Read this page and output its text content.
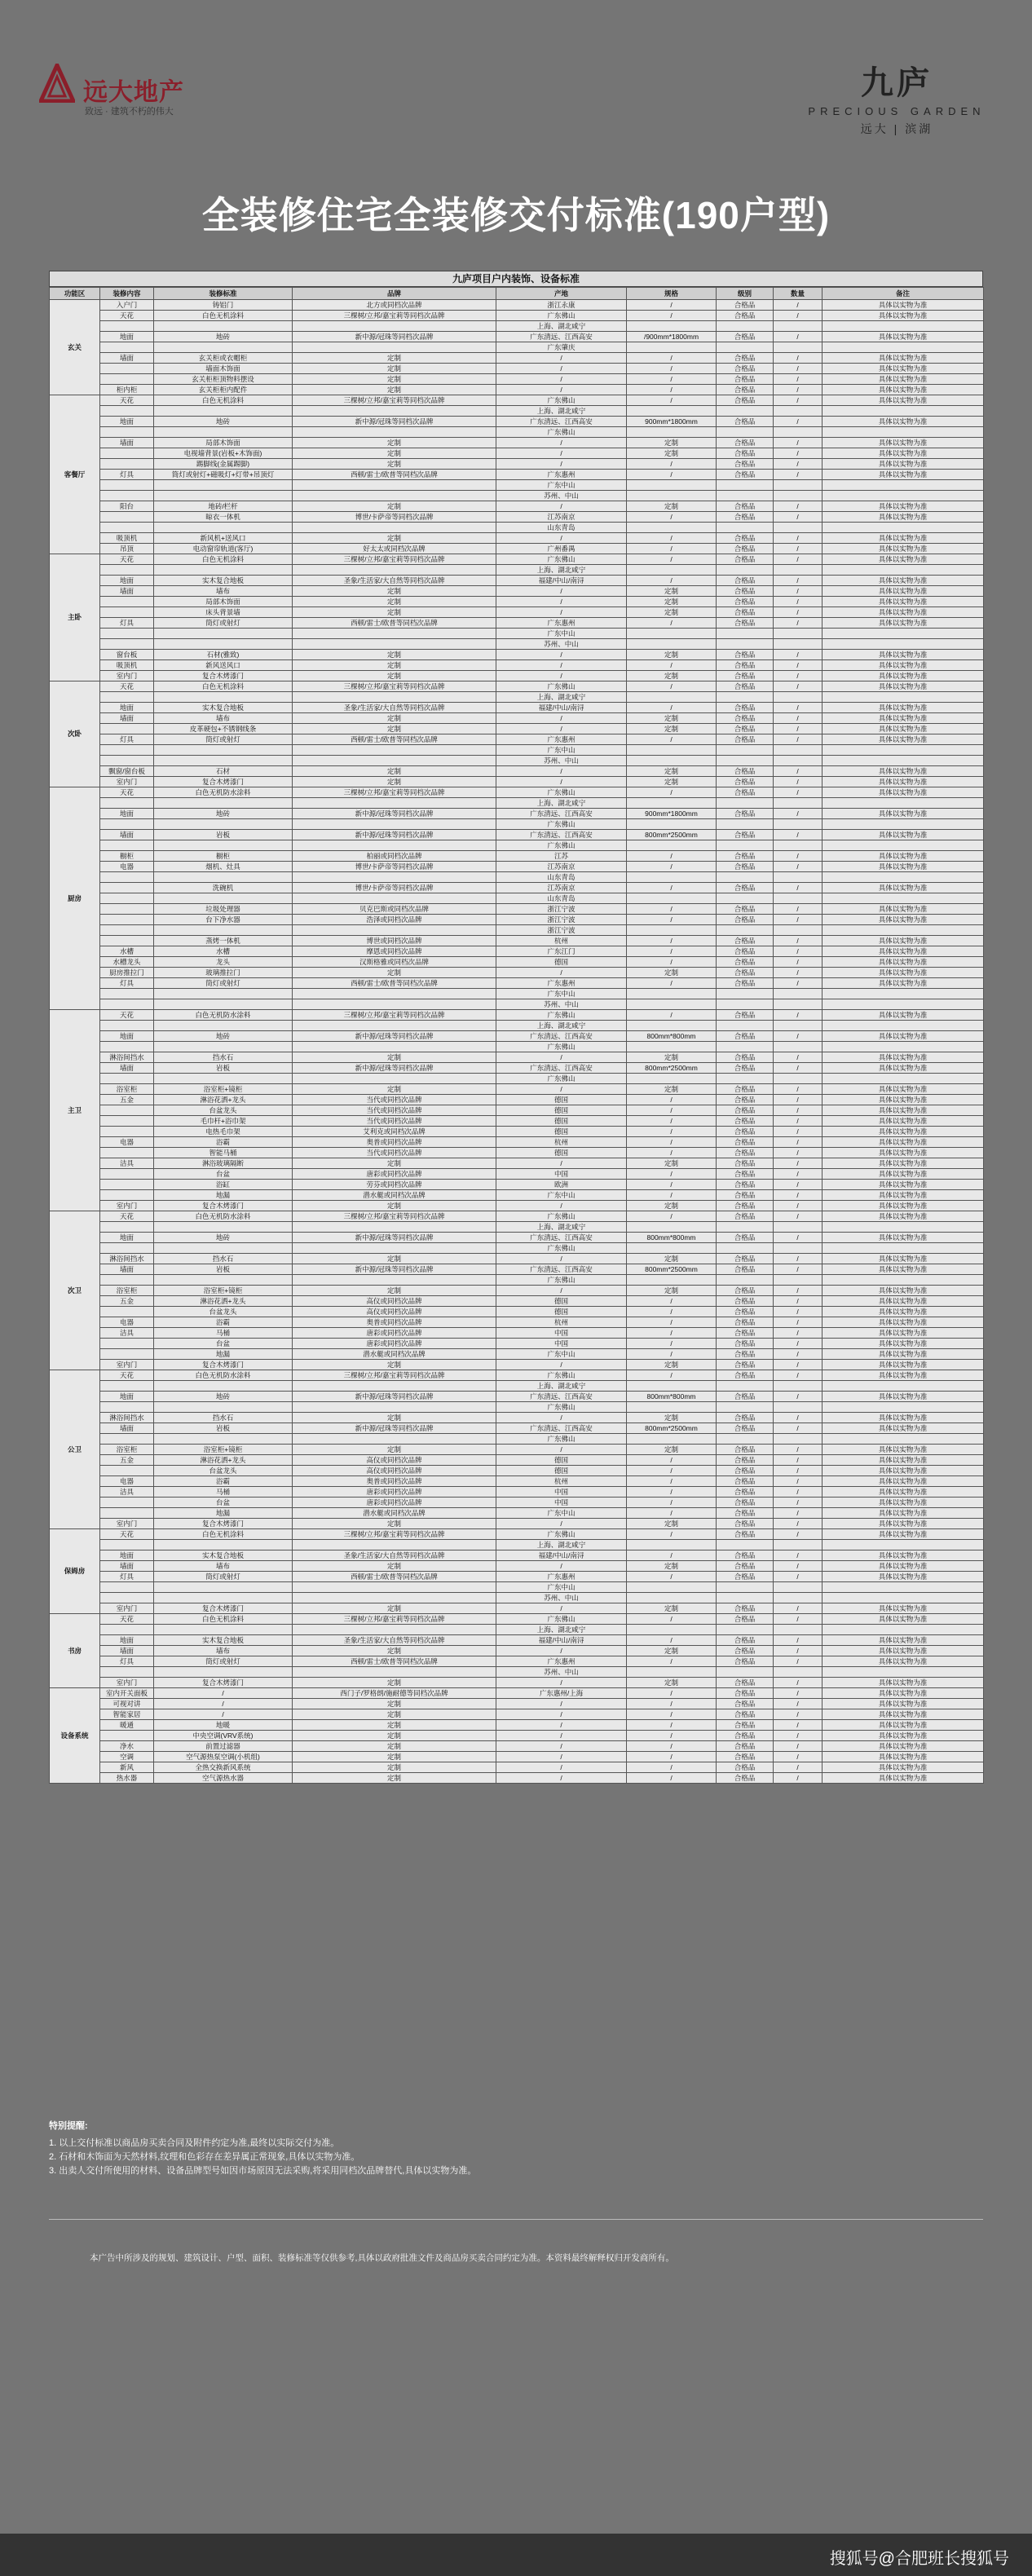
远大地产
致远 · 建筑不朽的伟大
九庐
PRECIOUS GARDEN
远大 | 滨湖
全装修住宅全装修交付标准(190户型)
九庐项目户内装饰、设备标准
功能区	装修内容	装修标准	品牌	产地	规格	级别	数量	备注
玄关	入户门	铸铝门	北方或同档次品牌	浙江永康	/	合格品	/	具体以实物为准
	天花	白色无机涂料	三棵树/立邦/嘉宝莉等同档次品牌	广东佛山	/	合格品	/	具体以实物为准
				上海、湖北咸宁				
	地面	地砖	新中源/冠珠等同档次品牌	广东清远、江西高安	/900mm*1800mm	合格品	/	具体以实物为准
				广东肇庆				
	墙面	玄关柜或衣帽柜	定制	/	/	合格品	/	具体以实物为准
		墙面木饰面	定制	/	/	合格品	/	具体以实物为准
		玄关柜柜顶物料摆设	定制	/	/	合格品	/	具体以实物为准
	柜内柜	玄关柜柜内配件	定制	/	/	合格品	/	具体以实物为准
客餐厅	天花	白色无机涂料	三棵树/立邦/嘉宝莉等同档次品牌	广东佛山	/	合格品	/	具体以实物为准
				上海、湖北咸宁				
	地面	地砖	新中源/冠珠等同档次品牌	广东清远、江西高安	900mm*1800mm	合格品	/	具体以实物为准
				广东佛山				
	墙面	局部木饰面	定制	/	定制	合格品	/	具体以实物为准
		电视墙背景(岩板+木饰面)	定制	/	定制	合格品	/	具体以实物为准
		踢脚线(金属踢脚)	定制	/	/	合格品	/	具体以实物为准
	灯具	筒灯或射灯+磁吸灯+灯带+吊顶灯	西顿/雷士/欧普等同档次品牌	广东惠州	/	合格品	/	具体以实物为准
				广东中山				
				苏州、中山				
	阳台	地砖/栏杆	定制	/	定制	合格品	/	具体以实物为准
		晾衣一体机	博世/卡萨帝等同档次品牌	江苏南京	/	合格品	/	具体以实物为准
				山东青岛				
	吸顶机	新风机+送风口	定制	/	/	合格品	/	具体以实物为准
	吊顶	电动窗帘轨道(客厅)	好太太或同档次品牌	广州番禺	/	合格品	/	具体以实物为准
主卧	天花	白色无机涂料	三棵树/立邦/嘉宝莉等同档次品牌	广东佛山	/	合格品	/	具体以实物为准
				上海、湖北咸宁				
	地面	实木复合地板	圣象/生活家/大自然等同档次品牌	福建/中山/南浔	/	合格品	/	具体以实物为准
	墙面	墙布	定制	/	定制	合格品	/	具体以实物为准
		局部木饰面	定制	/	定制	合格品	/	具体以实物为准
		床头背景墙	定制	/	定制	合格品	/	具体以实物为准
	灯具	筒灯或射灯	西顿/雷士/欧普等同档次品牌	广东惠州	/	合格品	/	具体以实物为准
				广东中山				
				苏州、中山				
	窗台板	石材(雅致)	定制	/	定制	合格品	/	具体以实物为准
	吸顶机	新风送风口	定制	/	/	合格品	/	具体以实物为准
	室内门	复合木烤漆门	定制	/	定制	合格品	/	具体以实物为准
次卧	天花	白色无机涂料	三棵树/立邦/嘉宝莉等同档次品牌	广东佛山	/	合格品	/	具体以实物为准
				上海、湖北咸宁				
	地面	实木复合地板	圣象/生活家/大自然等同档次品牌	福建/中山/南浔	/	合格品	/	具体以实物为准
	墙面	墙布	定制	/	定制	合格品	/	具体以实物为准
		皮革硬包+不锈钢线条	定制	/	定制	合格品	/	具体以实物为准
	灯具	筒灯或射灯	西顿/雷士/欧普等同档次品牌	广东惠州	/	合格品	/	具体以实物为准
				广东中山				
				苏州、中山				
	飘窗/窗台板	石材	定制	/	定制	合格品	/	具体以实物为准
	室内门	复合木烤漆门	定制	/	定制	合格品	/	具体以实物为准
厨房	天花	白色无机防水涂料	三棵树/立邦/嘉宝莉等同档次品牌	广东佛山	/	合格品	/	具体以实物为准
				上海、湖北咸宁				
	地面	地砖	新中源/冠珠等同档次品牌	广东清远、江西高安	900mm*1800mm	合格品	/	具体以实物为准
				广东佛山				
	墙面	岩板	新中源/冠珠等同档次品牌	广东清远、江西高安	800mm*2500mm	合格品	/	具体以实物为准
				广东佛山				
	橱柜	橱柜	柏丽或同档次品牌	江苏	/	合格品	/	具体以实物为准
	电器	烟机、灶具	博世/卡萨帝等同档次品牌	江苏南京	/	合格品	/	具体以实物为准
				山东青岛				
		洗碗机	博世/卡萨帝等同档次品牌	江苏南京	/	合格品	/	具体以实物为准
				山东青岛				
		垃圾处理器	贝克巴斯或同档次品牌	浙江宁波	/	合格品	/	具体以实物为准
		台下净水器	浩泽或同档次品牌	浙江宁波	/	合格品	/	具体以实物为准
				浙江宁波				
		蒸烤一体机	博世或同档次品牌	杭州	/	合格品	/	具体以实物为准
	水槽	水槽	摩恩或同档次品牌	广东江门	/	合格品	/	具体以实物为准
	水槽龙头	龙头	汉斯格雅或同档次品牌	德国	/	合格品	/	具体以实物为准
	厨房推拉门	玻璃推拉门	定制	/	定制	合格品	/	具体以实物为准
	灯具	筒灯或射灯	西顿/雷士/欧普等同档次品牌	广东惠州	/	合格品	/	具体以实物为准
				广东中山				
				苏州、中山				
主卫	天花	白色无机防水涂料	三棵树/立邦/嘉宝莉等同档次品牌	广东佛山	/	合格品	/	具体以实物为准
				上海、湖北咸宁				
	地面	地砖	新中源/冠珠等同档次品牌	广东清远、江西高安	800mm*800mm	合格品	/	具体以实物为准
				广东佛山				
	淋浴间挡水	挡水石	定制	/	定制	合格品	/	具体以实物为准
	墙面	岩板	新中源/冠珠等同档次品牌	广东清远、江西高安	800mm*2500mm	合格品	/	具体以实物为准
				广东佛山				
	浴室柜	浴室柜+镜柜	定制	/	定制	合格品	/	具体以实物为准
	五金	淋浴花洒+龙头	当代或同档次品牌	德国	/	合格品	/	具体以实物为准
		台盆龙头	当代或同档次品牌	德国	/	合格品	/	具体以实物为准
		毛巾杆+浴巾架	当代或同档次品牌	德国	/	合格品	/	具体以实物为准
		电热毛巾架	艾利克或同档次品牌	德国	/	合格品	/	具体以实物为准
	电器	浴霸	奥普或同档次品牌	杭州	/	合格品	/	具体以实物为准
		智能马桶	当代或同档次品牌	德国	/	合格品	/	具体以实物为准
	洁具	淋浴玻璃隔断	定制	/	定制	合格品	/	具体以实物为准
		台盆	唐彩或同档次品牌	中国	/	合格品	/	具体以实物为准
		浴缸	劳芬或同档次品牌	欧洲	/	合格品	/	具体以实物为准
		地漏	潜水艇或同档次品牌	广东中山	/	合格品	/	具体以实物为准
	室内门	复合木烤漆门	定制	/	定制	合格品	/	具体以实物为准
次卫	天花	白色无机防水涂料	三棵树/立邦/嘉宝莉等同档次品牌	广东佛山	/	合格品	/	具体以实物为准
				上海、湖北咸宁				
	地面	地砖	新中源/冠珠等同档次品牌	广东清远、江西高安	800mm*800mm	合格品	/	具体以实物为准
				广东佛山				
	淋浴间挡水	挡水石	定制	/	定制	合格品	/	具体以实物为准
	墙面	岩板	新中源/冠珠等同档次品牌	广东清远、江西高安	800mm*2500mm	合格品	/	具体以实物为准
				广东佛山				
	浴室柜	浴室柜+镜柜	定制	/	定制	合格品	/	具体以实物为准
	五金	淋浴花洒+龙头	高仪或同档次品牌	德国	/	合格品	/	具体以实物为准
		台盆龙头	高仪或同档次品牌	德国	/	合格品	/	具体以实物为准
	电器	浴霸	奥普或同档次品牌	杭州	/	合格品	/	具体以实物为准
	洁具	马桶	唐彩或同档次品牌	中国	/	合格品	/	具体以实物为准
		台盆	唐彩或同档次品牌	中国	/	合格品	/	具体以实物为准
		地漏	潜水艇或同档次品牌	广东中山	/	合格品	/	具体以实物为准
	室内门	复合木烤漆门	定制	/	定制	合格品	/	具体以实物为准
公卫	天花	白色无机防水涂料	三棵树/立邦/嘉宝莉等同档次品牌	广东佛山	/	合格品	/	具体以实物为准
				上海、湖北咸宁				
	地面	地砖	新中源/冠珠等同档次品牌	广东清远、江西高安	800mm*800mm	合格品	/	具体以实物为准
				广东佛山				
	淋浴间挡水	挡水石	定制	/	定制	合格品	/	具体以实物为准
	墙面	岩板	新中源/冠珠等同档次品牌	广东清远、江西高安	800mm*2500mm	合格品	/	具体以实物为准
				广东佛山				
	浴室柜	浴室柜+镜柜	定制	/	定制	合格品	/	具体以实物为准
	五金	淋浴花洒+龙头	高仪或同档次品牌	德国	/	合格品	/	具体以实物为准
		台盆龙头	高仪或同档次品牌	德国	/	合格品	/	具体以实物为准
	电器	浴霸	奥普或同档次品牌	杭州	/	合格品	/	具体以实物为准
	洁具	马桶	唐彩或同档次品牌	中国	/	合格品	/	具体以实物为准
		台盆	唐彩或同档次品牌	中国	/	合格品	/	具体以实物为准
		地漏	潜水艇或同档次品牌	广东中山	/	合格品	/	具体以实物为准
	室内门	复合木烤漆门	定制	/	定制	合格品	/	具体以实物为准
保姆房	天花	白色无机涂料	三棵树/立邦/嘉宝莉等同档次品牌	广东佛山	/	合格品	/	具体以实物为准
				上海、湖北咸宁				
	地面	实木复合地板	圣象/生活家/大自然等同档次品牌	福建/中山/南浔	/	合格品	/	具体以实物为准
	墙面	墙布	定制	/	定制	合格品	/	具体以实物为准
	灯具	筒灯或射灯	西顿/雷士/欧普等同档次品牌	广东惠州	/	合格品	/	具体以实物为准
				广东中山				
				苏州、中山				
	室内门	复合木烤漆门	定制	/	定制	合格品	/	具体以实物为准
书房	天花	白色无机涂料	三棵树/立邦/嘉宝莉等同档次品牌	广东佛山	/	合格品	/	具体以实物为准
				上海、湖北咸宁				
	地面	实木复合地板	圣象/生活家/大自然等同档次品牌	福建/中山/南浔	/	合格品	/	具体以实物为准
	墙面	墙布	定制	/	定制	合格品	/	具体以实物为准
	灯具	筒灯或射灯	西顿/雷士/欧普等同档次品牌	广东惠州	/	合格品	/	具体以实物为准
				苏州、中山				
	室内门	复合木烤漆门	定制	/	定制	合格品	/	具体以实物为准
设备系统	室内开关面板	/	西门子/罗格朗/施耐德等同档次品牌	广东惠州/上海	/	合格品	/	具体以实物为准
	可视对讲	/	定制	/	/	合格品	/	具体以实物为准
	智能家居	/	定制	/	/	合格品	/	具体以实物为准
	暖通	地暖	定制	/	/	合格品	/	具体以实物为准
		中央空调(VRV系统)	定制	/	/	合格品	/	具体以实物为准
	净水	前置过滤器	定制	/	/	合格品	/	具体以实物为准
	空调	空气源热泵空调(小机组)	定制	/	/	合格品	/	具体以实物为准
	新风	全热交换新风系统	定制	/	/	合格品	/	具体以实物为准
	热水器	空气源热水器	定制	/	/	合格品	/	具体以实物为准
特别提醒:
1. 以上交付标准以商品房买卖合同及附件约定为准,最终以实际交付为准。
2. 石材和木饰面为天然材料,纹理和色彩存在差异属正常现象,具体以实物为准。
3. 出卖人交付所使用的材料、设备品牌型号如因市场原因无法采购,将采用同档次品牌替代,具体以实物为准。
本广告中所涉及的规划、建筑设计、户型、面积、装修标准等仅供参考,具体以政府批准文件及商品房买卖合同约定为准。本资料最终解释权归开发商所有。
搜狐号@合肥班长搜狐号
